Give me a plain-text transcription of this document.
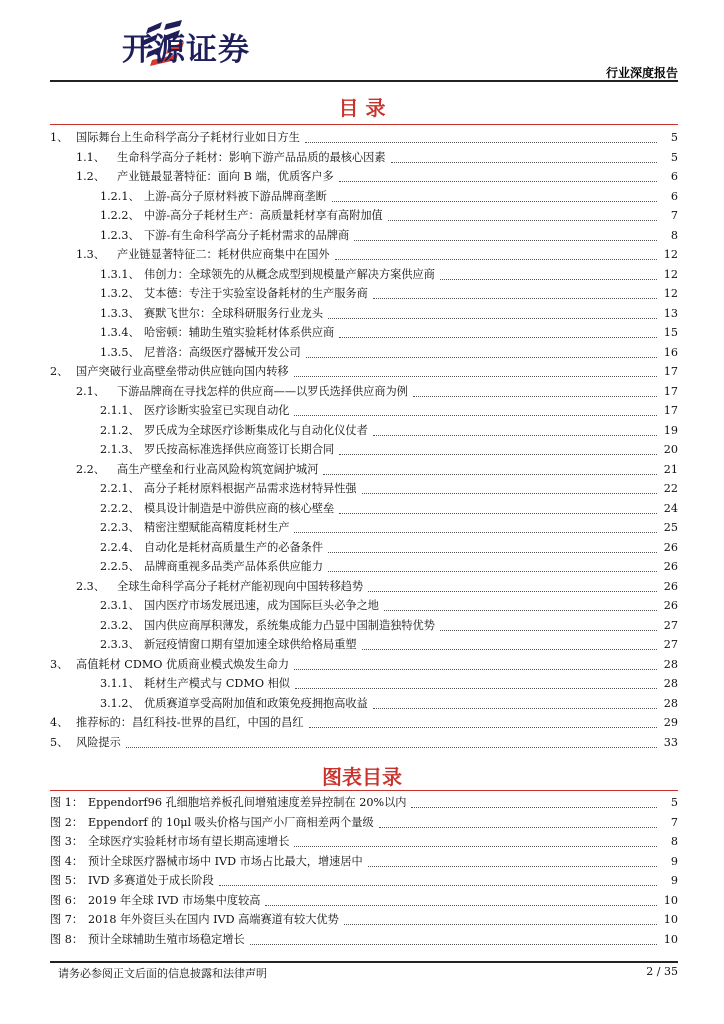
开源证券
行业深度报告
目 录
1、 国际舞台上生命科学高分子耗材行业如日方生	5
1.1、	生命科学高分子耗材：影响下游产品品质的最核心因素	5
1.2、	产业链最显著特征：面向 B 端，优质客户多	6
1.2.1、 上游-高分子原材料被下游品牌商垄断	6
1.2.2、 中游-高分子耗材生产：高质量耗材享有高附加值	7
1.2.3、 下游-有生命科学高分子耗材需求的品牌商	8
1.3、	产业链显著特征二：耗材供应商集中在国外	12
1.3.1、 伟创力：全球领先的从概念成型到规模量产解决方案供应商	12
1.3.2、 艾本德：专注于实验室设备耗材的生产服务商	12
1.3.3、 赛默飞世尔：全球科研服务行业龙头	13
1.3.4、 哈密顿：辅助生殖实验耗材体系供应商	15
1.3.5、 尼普洛：高级医疗器械开发公司	16
2、 国产突破行业高壁垒带动供应链向国内转移	17
2.1、	下游品牌商在寻找怎样的供应商——以罗氏选择供应商为例	17
2.1.1、 医疗诊断实验室已实现自动化	17
2.1.2、 罗氏成为全球医疗诊断集成化与自动化仪仗者	19
2.1.3、 罗氏按高标准选择供应商签订长期合同	20
2.2、	高生产壁垒和行业高风险构筑宽阔护城河	21
2.2.1、 高分子耗材原料根据产品需求选材特异性强	22
2.2.2、 模具设计制造是中游供应商的核心壁垒	24
2.2.3、 精密注塑赋能高精度耗材生产	25
2.2.4、 自动化是耗材高质量生产的必备条件	26
2.2.5、 品牌商重视多品类产品体系供应能力	26
2.3、	全球生命科学高分子耗材产能初现向中国转移趋势	26
2.3.1、 国内医疗市场发展迅速，成为国际巨头必争之地	26
2.3.2、 国内供应商厚积薄发，系统集成能力凸显中国制造独特优势	27
2.3.3、 新冠疫情窗口期有望加速全球供给格局重塑	27
3、 高值耗材 CDMO 优质商业模式焕发生命力	28
3.1.1、 耗材生产模式与 CDMO 相似	28
3.1.2、 优质赛道享受高附加值和政策免疫拥抱高收益	28
4、 推荐标的：昌红科技-世界的昌红，中国的昌红	29
5、 风险提示	33
图表目录
图 1： Eppendorf96 孔细胞培养板孔间增殖速度差异控制在 20%以内	5
图 2： Eppendorf 的 10μl 吸头价格与国产小厂商相差两个量级	7
图 3： 全球医疗实验耗材市场有望长期高速增长	8
图 4： 预计全球医疗器械市场中 IVD 市场占比最大，增速居中	9
图 5： IVD 多赛道处于成长阶段	9
图 6： 2019 年全球 IVD 市场集中度较高	10
图 7： 2018 年外资巨头在国内 IVD 高端赛道有较大优势	10
图 8： 预计全球辅助生殖市场稳定增长	10
请务必参阅正文后面的信息披露和法律声明	2 / 35
